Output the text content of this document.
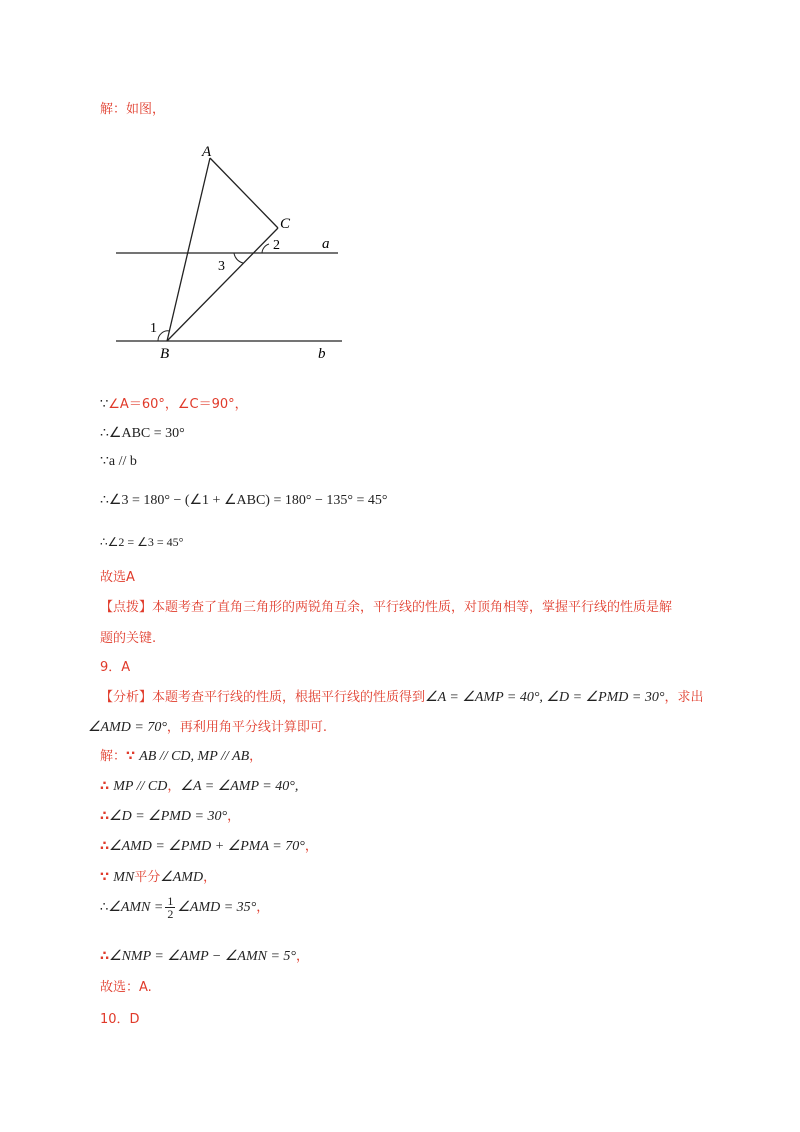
解：如图，
A
B
C
a
b
1
2
3
∵∠A＝60°，∠C＝90°，
∴∠ABC = 30°
∵a // b
∴∠3 = 180° − (∠1 + ∠ABC) = 180° − 135° = 45°
∴∠2 = ∠3 = 45°
故选A
【点拨】本题考查了直角三角形的两锐角互余，平行线的性质，对顶角相等，掌握平行线的性质是解
题的关键.
9．A
【分析】本题考查平行线的性质，根据平行线的性质得到∠A = ∠AMP = 40°, ∠D = ∠PMD = 30°，求出
∠AMD = 70°，再利用角平分线计算即可.
解：∵ AB // CD, MP // AB，
∴ MP // CD，∠A = ∠AMP = 40°,
∴∠D = ∠PMD = 30°，
∴∠AMD = ∠PMD + ∠PMA = 70°，
∵ MN平分∠AMD，
∴∠AMN = $\frac{1}{2}$ ∠AMD = 35°，
∴∠NMP = ∠AMP − ∠AMN = 5°，
故选：A.
10．D
